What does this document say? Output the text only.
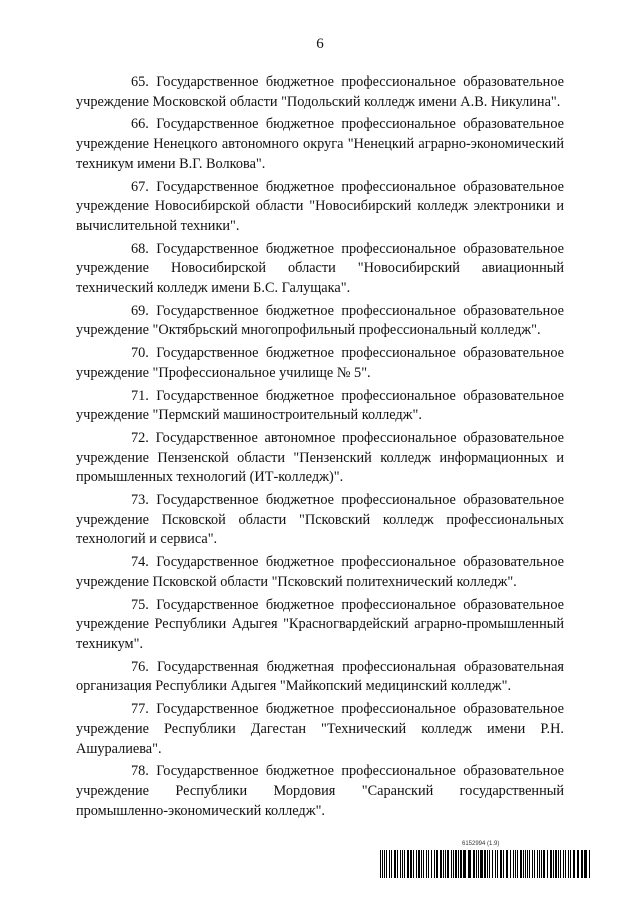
6

65. Государственное бюджетное профессиональное образовательное учреждение Московской области "Подольский колледж имени А.В. Никулина".

66. Государственное бюджетное профессиональное образовательное учреждение Ненецкого автономного округа "Ненецкий аграрно-экономический техникум имени В.Г. Волкова".

67. Государственное бюджетное профессиональное образовательное учреждение Новосибирской области "Новосибирский колледж электроники и вычислительной техники".

68. Государственное бюджетное профессиональное образовательное учреждение Новосибирской области "Новосибирский авиационный технический колледж имени Б.С. Галущака".

69. Государственное бюджетное профессиональное образовательное учреждение "Октябрьский многопрофильный профессиональный колледж".

70. Государственное бюджетное профессиональное образовательное учреждение "Профессиональное училище № 5".

71. Государственное бюджетное профессиональное образовательное учреждение "Пермский машиностроительный колледж".

72. Государственное автономное профессиональное образовательное учреждение Пензенской области "Пензенский колледж информационных и промышленных технологий (ИТ-колледж)".

73. Государственное бюджетное профессиональное образовательное учреждение Псковской области "Псковский колледж профессиональных технологий и сервиса".

74. Государственное бюджетное профессиональное образовательное учреждение Псковской области "Псковский политехнический колледж".

75. Государственное бюджетное профессиональное образовательное учреждение Республики Адыгея "Красногвардейский аграрно-промышленный техникум".

76. Государственная бюджетная профессиональная образовательная организация Республики Адыгея "Майкопский медицинский колледж".

77. Государственное бюджетное профессиональное образовательное учреждение Республики Дагестан "Технический колледж имени Р.Н. Ашуралиева".

78. Государственное бюджетное профессиональное образовательное учреждение Республики Мордовия "Саранский государственный промышленно-экономический колледж".

6152994 (1.9)
